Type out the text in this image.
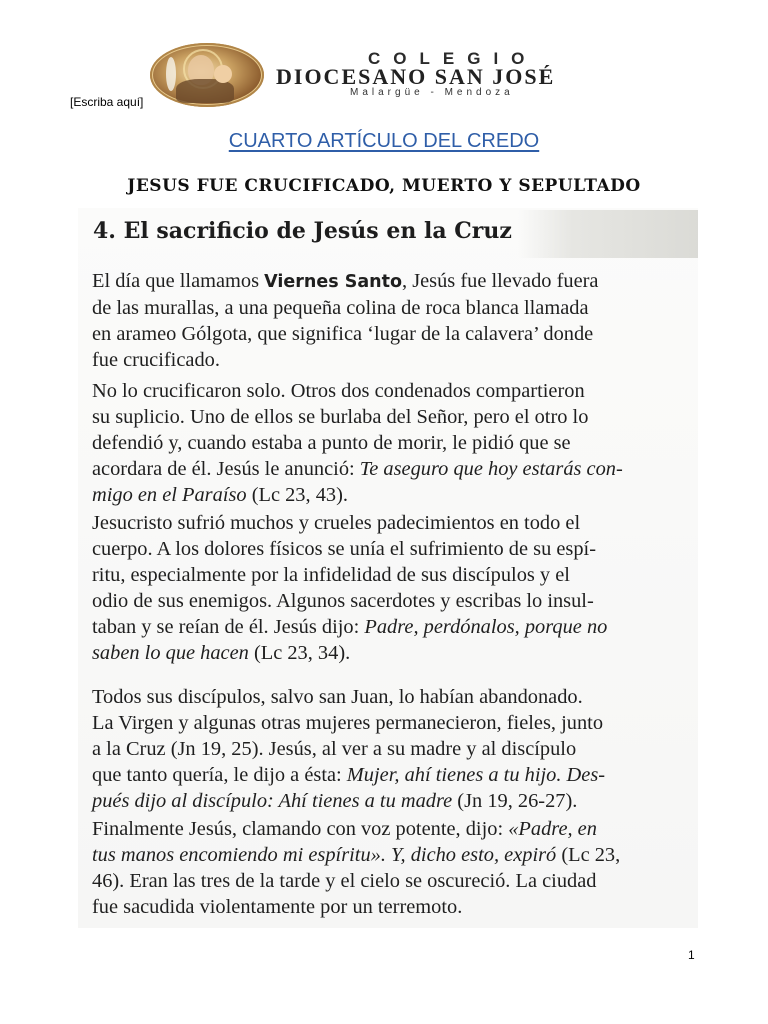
COLEGIO
DIOCESANO SAN JOSÉ
Malargüe - Mendoza
[Escriba aquí]
CUARTO ARTÍCULO DEL CREDO
JESUS FUE CRUCIFICADO, MUERTO Y SEPULTADO
4. El sacrificio de Jesús en la Cruz
El día que llamamos Viernes Santo, Jesús fue llevado fuera
de las murallas, a una pequeña colina de roca blanca llamada
en arameo Gólgota, que significa ‘lugar de la calavera’ donde
fue crucificado.
No lo crucificaron solo. Otros dos condenados compartieron
su suplicio. Uno de ellos se burlaba del Señor, pero el otro lo
defendió y, cuando estaba a punto de morir, le pidió que se
acordara de él. Jesús le anunció: Te aseguro que hoy estarás con-
migo en el Paraíso (Lc 23, 43).
Jesucristo sufrió muchos y crueles padecimientos en todo el
cuerpo. A los dolores físicos se unía el sufrimiento de su espí-
ritu, especialmente por la infidelidad de sus discípulos y el
odio de sus enemigos. Algunos sacerdotes y escribas lo insul-
taban y se reían de él. Jesús dijo: Padre, perdónalos, porque no
saben lo que hacen (Lc 23, 34).
Todos sus discípulos, salvo san Juan, lo habían abandonado.
La Virgen y algunas otras mujeres permanecieron, fieles, junto
a la Cruz (Jn 19, 25). Jesús, al ver a su madre y al discípulo
que tanto quería, le dijo a ésta: Mujer, ahí tienes a tu hijo. Des-
pués dijo al discípulo: Ahí tienes a tu madre (Jn 19, 26-27).
Finalmente Jesús, clamando con voz potente, dijo: «Padre, en
tus manos encomiendo mi espíritu». Y, dicho esto, expiró (Lc 23,
46). Eran las tres de la tarde y el cielo se oscureció. La ciudad
fue sacudida violentamente por un terremoto.
1
